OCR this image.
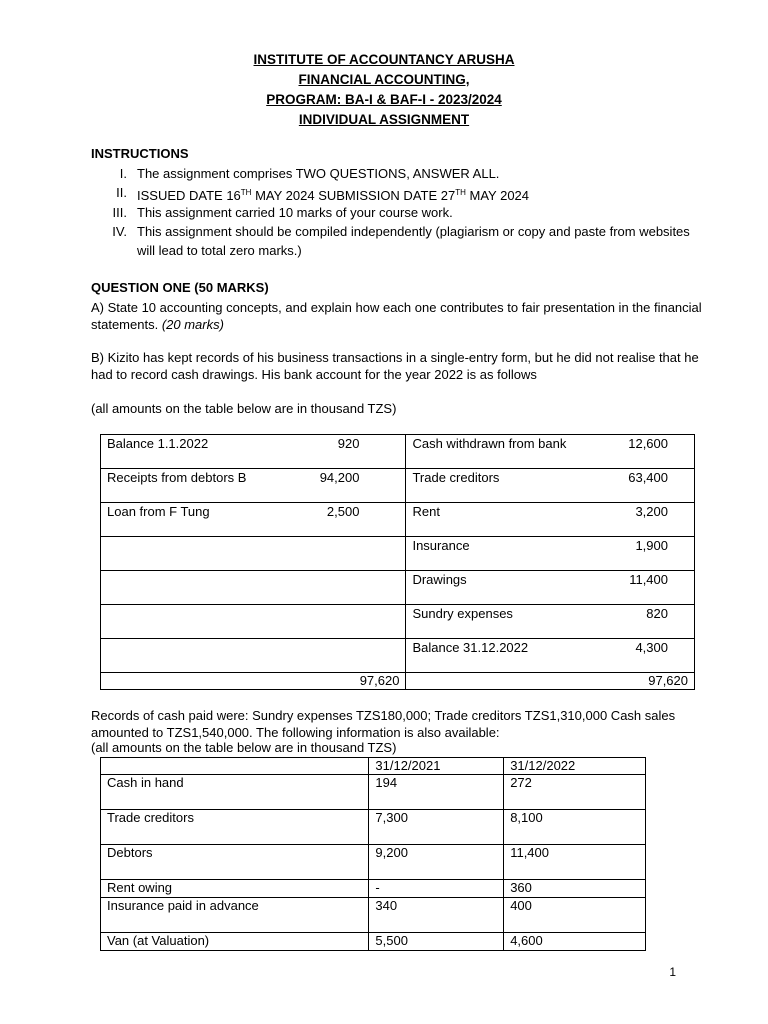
INSTITUTE OF ACCOUNTANCY ARUSHA
FINANCIAL ACCOUNTING,
PROGRAM: BA-I & BAF-I - 2023/2024
INDIVIDUAL ASSIGNMENT
INSTRUCTIONS
I. The assignment comprises TWO QUESTIONS, ANSWER ALL.
II. ISSUED DATE 16TH MAY 2024 SUBMISSION DATE 27TH MAY 2024
III. This assignment carried 10 marks of your course work.
IV. This assignment should be compiled independently (plagiarism or copy and paste from websites will lead to total zero marks.)
QUESTION ONE (50 MARKS)
A) State 10 accounting concepts, and explain how each one contributes to fair presentation in the financial statements. (20 marks)
B) Kizito has kept records of his business transactions in a single-entry form, but he did not realise that he had to record cash drawings. His bank account for the year 2022 is as follows
(all amounts on the table below are in thousand TZS)
Balance 1.1.2022 920	Cash withdrawn from bank 12,600

Receipts from debtors B 94,200	Trade creditors 63,400

Loan from F Tung 2,500	Rent 3,200

	Insurance 1,900

	Drawings 11,400

	Sundry expenses 820

	Balance 31.12.2022 4,300

97,620	97,620
Records of cash paid were: Sundry expenses TZS180,000; Trade creditors TZS1,310,000 Cash sales amounted to TZS1,540,000. The following information is also available:
(all amounts on the table below are in thousand TZS)
	31/12/2021	31/12/2022
Cash in hand	194	272
Trade creditors	7,300	8,100
Debtors	9,200	11,400
Rent owing	-	360
Insurance paid in advance	340	400
Van (at Valuation)	5,500	4,600
1
